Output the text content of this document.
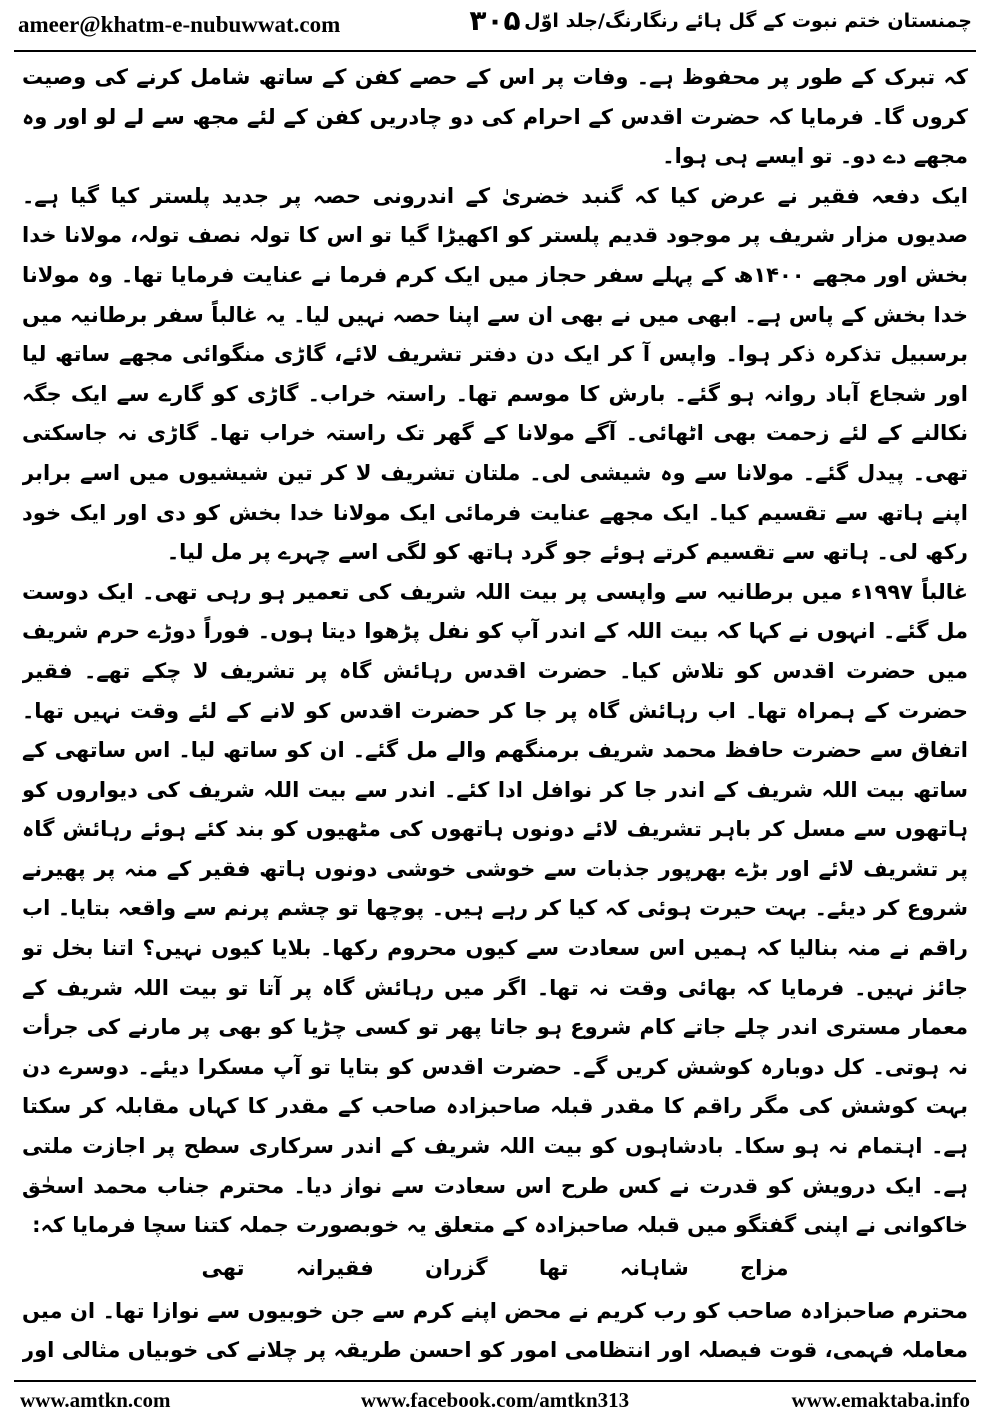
ameer@khatm-e-nubuwwat.com	۳۰۵ چمنستان ختم نبوت کے گل ہائے رنگارنگ/جلد اوّل

کہ تبرک کے طور پر محفوظ ہے۔ وفات پر اس کے حصے کفن کے ساتھ شامل کرنے کی وصیت کروں گا۔ فرمایا کہ حضرت اقدس کے احرام کی دو چادریں کفن کے لئے مجھ سے لے لو اور وہ مجھے دے دو۔ تو ایسے ہی ہوا۔

ایک دفعہ فقیر نے عرض کیا کہ گنبد خضریٰ کے اندرونی حصہ پر جدید پلستر کیا گیا ہے۔ صدیوں مزار شریف پر موجود قدیم پلستر کو اکھیڑا گیا تو اس کا تولہ نصف تولہ، مولانا خدا بخش اور مجھے ۱۴۰۰ھ کے پہلے سفر حجاز میں ایک کرم فرما نے عنایت فرمایا تھا۔ وہ مولانا خدا بخش کے پاس ہے۔ ابھی میں نے بھی ان سے اپنا حصہ نہیں لیا۔ یہ غالباً سفر برطانیہ میں برسبیل تذکرہ ذکر ہوا۔ واپس آ کر ایک دن دفتر تشریف لائے، گاڑی منگوائی مجھے ساتھ لیا اور شجاع آباد روانہ ہو گئے۔ بارش کا موسم تھا۔ راستہ خراب۔ گاڑی کو گارے سے ایک جگہ نکالنے کے لئے زحمت بھی اٹھائی۔ آگے مولانا کے گھر تک راستہ خراب تھا۔ گاڑی نہ جاسکتی تھی۔ پیدل گئے۔ مولانا سے وہ شیشی لی۔ ملتان تشریف لا کر تین شیشیوں میں اسے برابر اپنے ہاتھ سے تقسیم کیا۔ ایک مجھے عنایت فرمائی ایک مولانا خدا بخش کو دی اور ایک خود رکھ لی۔ ہاتھ سے تقسیم کرتے ہوئے جو گرد ہاتھ کو لگی اسے چہرے پر مل لیا۔

غالباً ۱۹۹۷ء میں برطانیہ سے واپسی پر بیت اللہ شریف کی تعمیر ہو رہی تھی۔ ایک دوست مل گئے۔ انہوں نے کہا کہ بیت اللہ کے اندر آپ کو نفل پڑھوا دیتا ہوں۔ فوراً دوڑے حرم شریف میں حضرت اقدس کو تلاش کیا۔ حضرت اقدس رہائش گاہ پر تشریف لا چکے تھے۔ فقیر حضرت کے ہمراہ تھا۔ اب رہائش گاہ پر جا کر حضرت اقدس کو لانے کے لئے وقت نہیں تھا۔ اتفاق سے حضرت حافظ محمد شریف برمنگھم والے مل گئے۔ ان کو ساتھ لیا۔ اس ساتھی کے ساتھ بیت اللہ شریف کے اندر جا کر نوافل ادا کئے۔ اندر سے بیت اللہ شریف کی دیواروں کو ہاتھوں سے مسل کر باہر تشریف لائے دونوں ہاتھوں کی مٹھیوں کو بند کئے ہوئے رہائش گاہ پر تشریف لائے اور بڑے بھرپور جذبات سے خوشی خوشی دونوں ہاتھ فقیر کے منہ پر پھیرنے شروع کر دیئے۔ بہت حیرت ہوئی کہ کیا کر رہے ہیں۔ پوچھا تو چشم پرنم سے واقعہ بتایا۔ اب راقم نے منہ بنالیا کہ ہمیں اس سعادت سے کیوں محروم رکھا۔ بلایا کیوں نہیں؟ اتنا بخل تو جائز نہیں۔ فرمایا کہ بھائی وقت نہ تھا۔ اگر میں رہائش گاہ پر آتا تو بیت اللہ شریف کے معمار مستری اندر چلے جاتے کام شروع ہو جاتا پھر تو کسی چڑیا کو بھی پر مارنے کی جرأت نہ ہوتی۔ کل دوبارہ کوشش کریں گے۔ حضرت اقدس کو بتایا تو آپ مسکرا دیئے۔ دوسرے دن بہت کوشش کی مگر راقم کا مقدر قبلہ صاحبزادہ صاحب کے مقدر کا کہاں مقابلہ کر سکتا ہے۔ اہتمام نہ ہو سکا۔ بادشاہوں کو بیت اللہ شریف کے اندر سرکاری سطح پر اجازت ملتی ہے۔ ایک درویش کو قدرت نے کس طرح اس سعادت سے نواز دیا۔ محترم جناب محمد اسحٰق خاکوانی نے اپنی گفتگو میں قبلہ صاحبزادہ کے متعلق یہ خوبصورت جملہ کتنا سچا فرمایا کہ:

مزاج شاہانہ تھا گزران فقیرانہ تھی

محترم صاحبزادہ صاحب کو رب کریم نے محض اپنے کرم سے جن خوبیوں سے نوازا تھا۔ ان میں معاملہ فہمی، قوت فیصلہ اور انتظامی امور کو احسن طریقہ پر چلانے کی خوبیاں مثالی اور

www.amtkn.com	www.facebook.com/amtkn313	www.emaktaba.info
